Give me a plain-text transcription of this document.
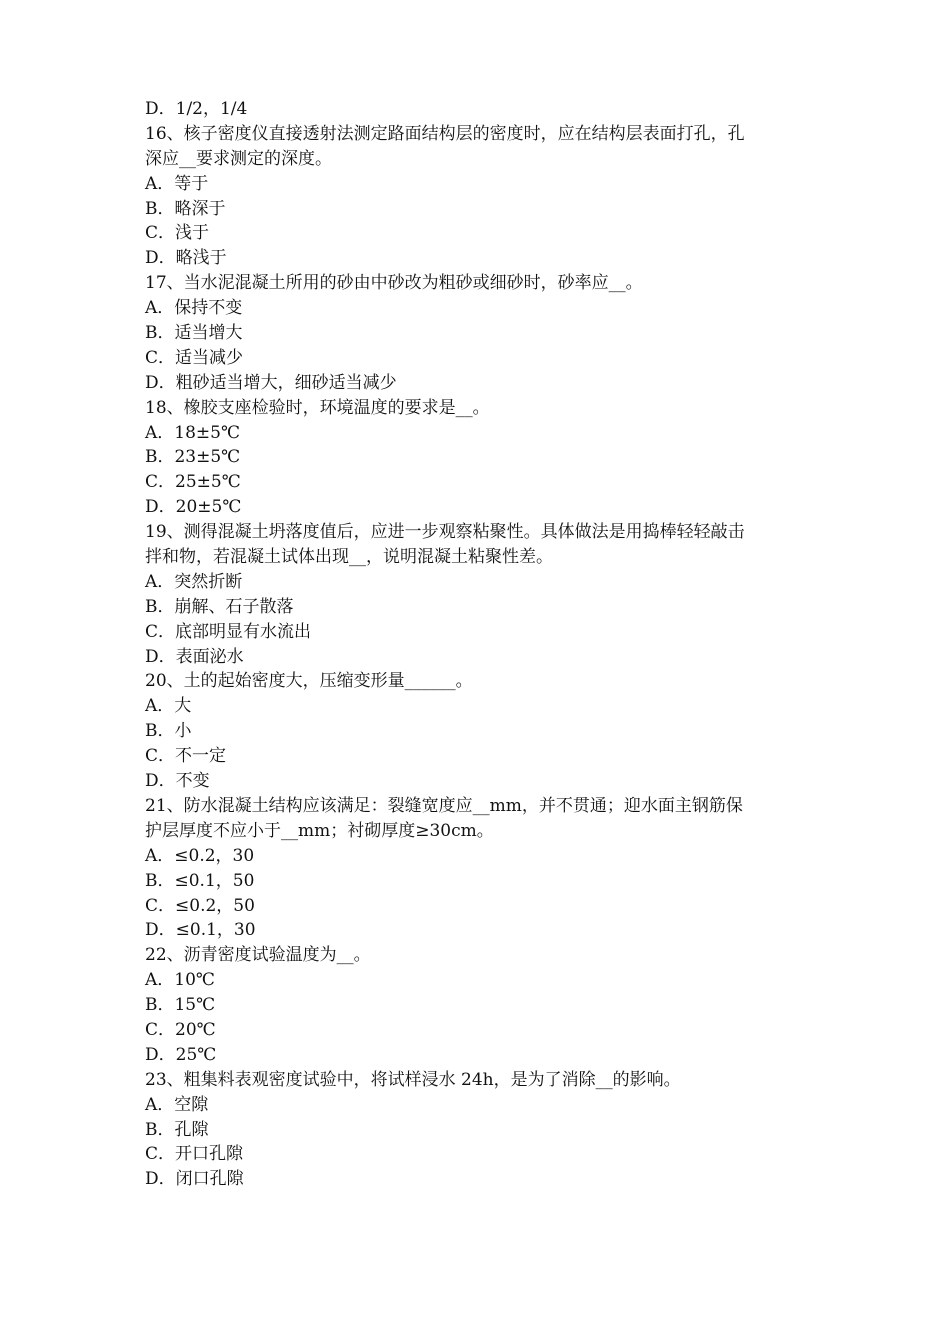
D．1/2，1/4
16、核子密度仪直接透射法测定路面结构层的密度时，应在结构层表面打孔，孔
深应__要求测定的深度。
A．等于
B．略深于
C．浅于
D．略浅于
17、当水泥混凝土所用的砂由中砂改为粗砂或细砂时，砂率应__。
A．保持不变
B．适当增大
C．适当减少
D．粗砂适当增大，细砂适当减少
18、橡胶支座检验时，环境温度的要求是__。
A．18±5℃
B．23±5℃
C．25±5℃
D．20±5℃
19、测得混凝土坍落度值后，应进一步观察粘聚性。具体做法是用捣棒轻轻敲击
拌和物，若混凝土试体出现__，说明混凝土粘聚性差。
A．突然折断
B．崩解、石子散落
C．底部明显有水流出
D．表面泌水
20、土的起始密度大，压缩变形量______。
A．大
B．小
C．不一定
D．不变
21、防水混凝土结构应该满足：裂缝宽度应__mm，并不贯通；迎水面主钢筋保
护层厚度不应小于__mm；衬砌厚度≥30cm。
A．≤0.2，30
B．≤0.1，50
C．≤0.2，50
D．≤0.1，30
22、沥青密度试验温度为__。
A．10℃
B．15℃
C．20℃
D．25℃
23、粗集料表观密度试验中，将试样浸水 24h，是为了消除__的影响。
A．空隙
B．孔隙
C．开口孔隙
D．闭口孔隙
